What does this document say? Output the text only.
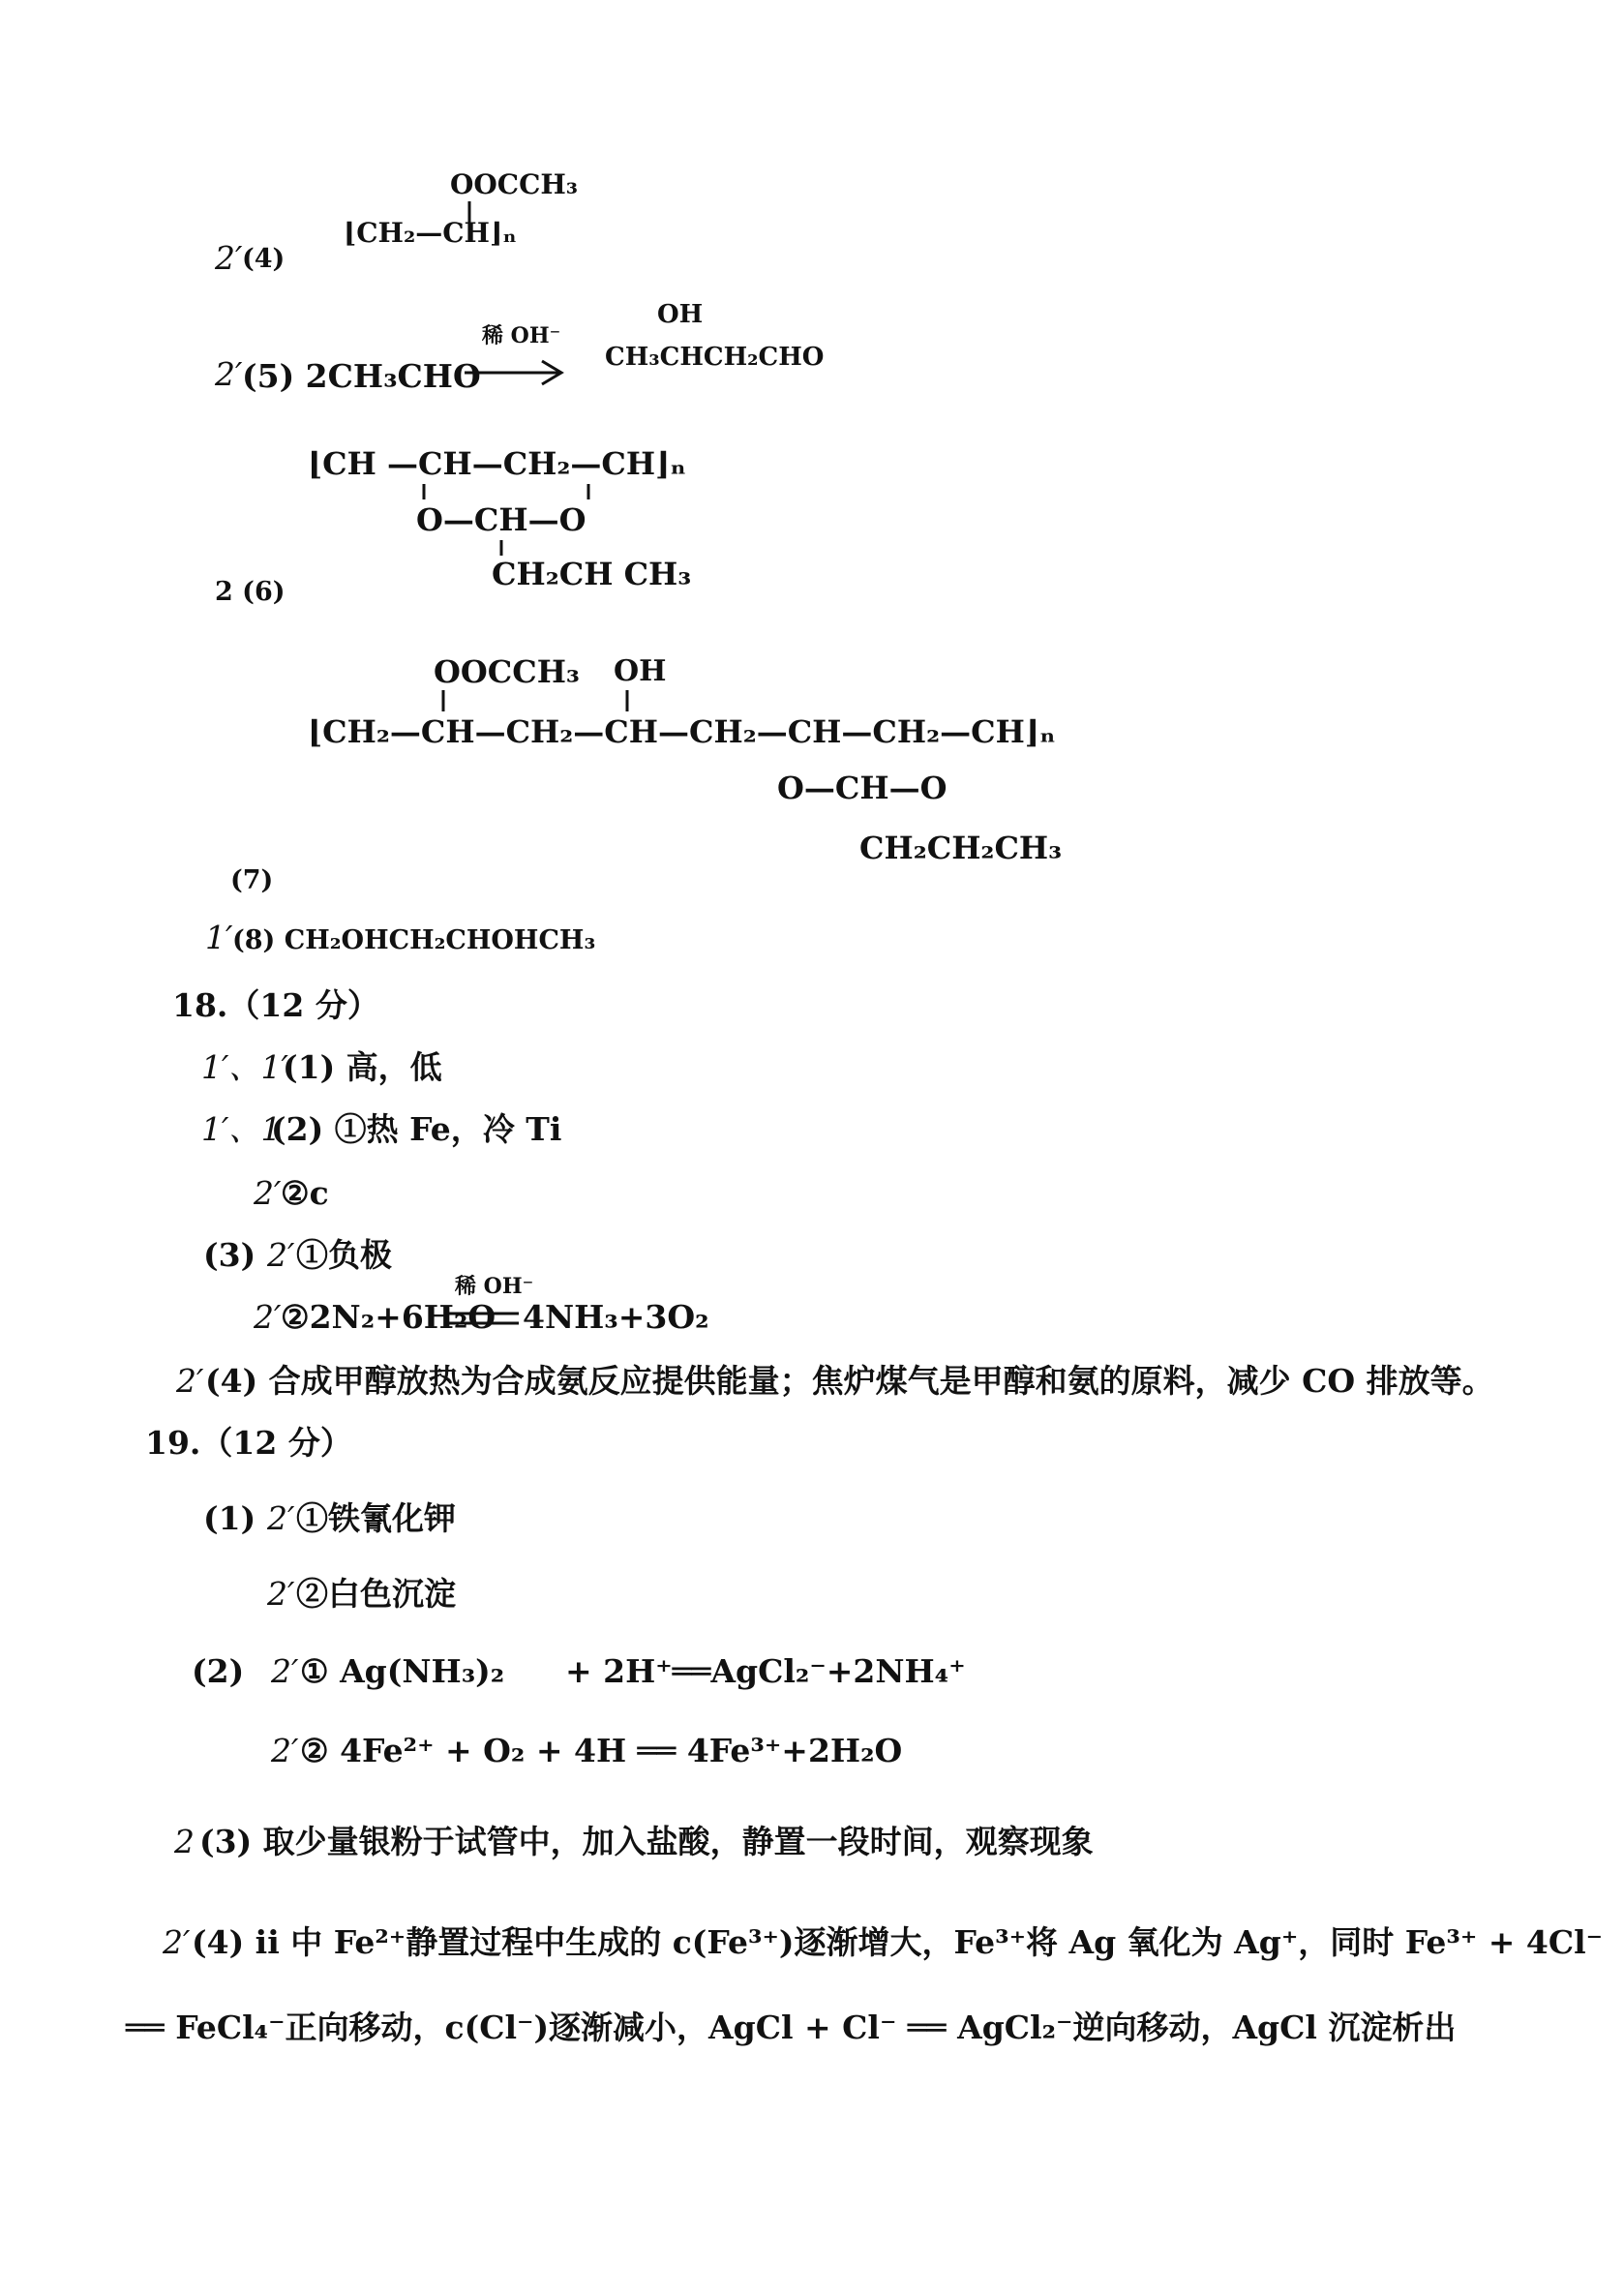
2′ (4)
OOCCH₃
⌊CH₂—CH⌋ₙ
2′ (5) 2CH₃CHO
稀 OH⁻
OH
CH₃CHCH₂CHO
⌊CH —CH—CH₂—CH⌋ₙ
O—CH—O
CH₂CH CH₃
2 (6)
OOCCH₃ OH
⌊CH₂—CH—CH₂—CH—CH₂—CH—CH₂—CH⌋ₙ
O—CH—O
CH₂CH₂CH₃
(7)
1′ (8) CH₂OHCH₂CHOHCH₃
18.（12 分）
1′、1′
(1) 高，低
1′、1
(2) ①热 Fe，冷 Ti
2′ ②c
(3) 2′ ①负极
2′ ②2N₂+6H₂O
稀 OH⁻
4NH₃+3O₂
2′ (4) 合成甲醇放热为合成氨反应提供能量；焦炉煤气是甲醇和氨的原料，减少 CO 排放等。
19.（12 分）
(1) 2′ ①铁氰化钾
2′ ②白色沉淀
(2) 2′ ① Ag(NH₃)₂ + 2H⁺══AgCl₂⁻+2NH₄⁺
2′ ② 4Fe²⁺ + O₂ + 4H ══ 4Fe³⁺+2H₂O
2 (3) 取少量银粉于试管中，加入盐酸，静置一段时间，观察现象
2′ (4) ii 中 Fe²⁺静置过程中生成的 c(Fe³⁺)逐渐增大，Fe³⁺将 Ag 氧化为 Ag⁺，同时 Fe³⁺ + 4Cl⁻
══ FeCl₄⁻正向移动，c(Cl⁻)逐渐减小，AgCl + Cl⁻ ══ AgCl₂⁻逆向移动，AgCl 沉淀析出
